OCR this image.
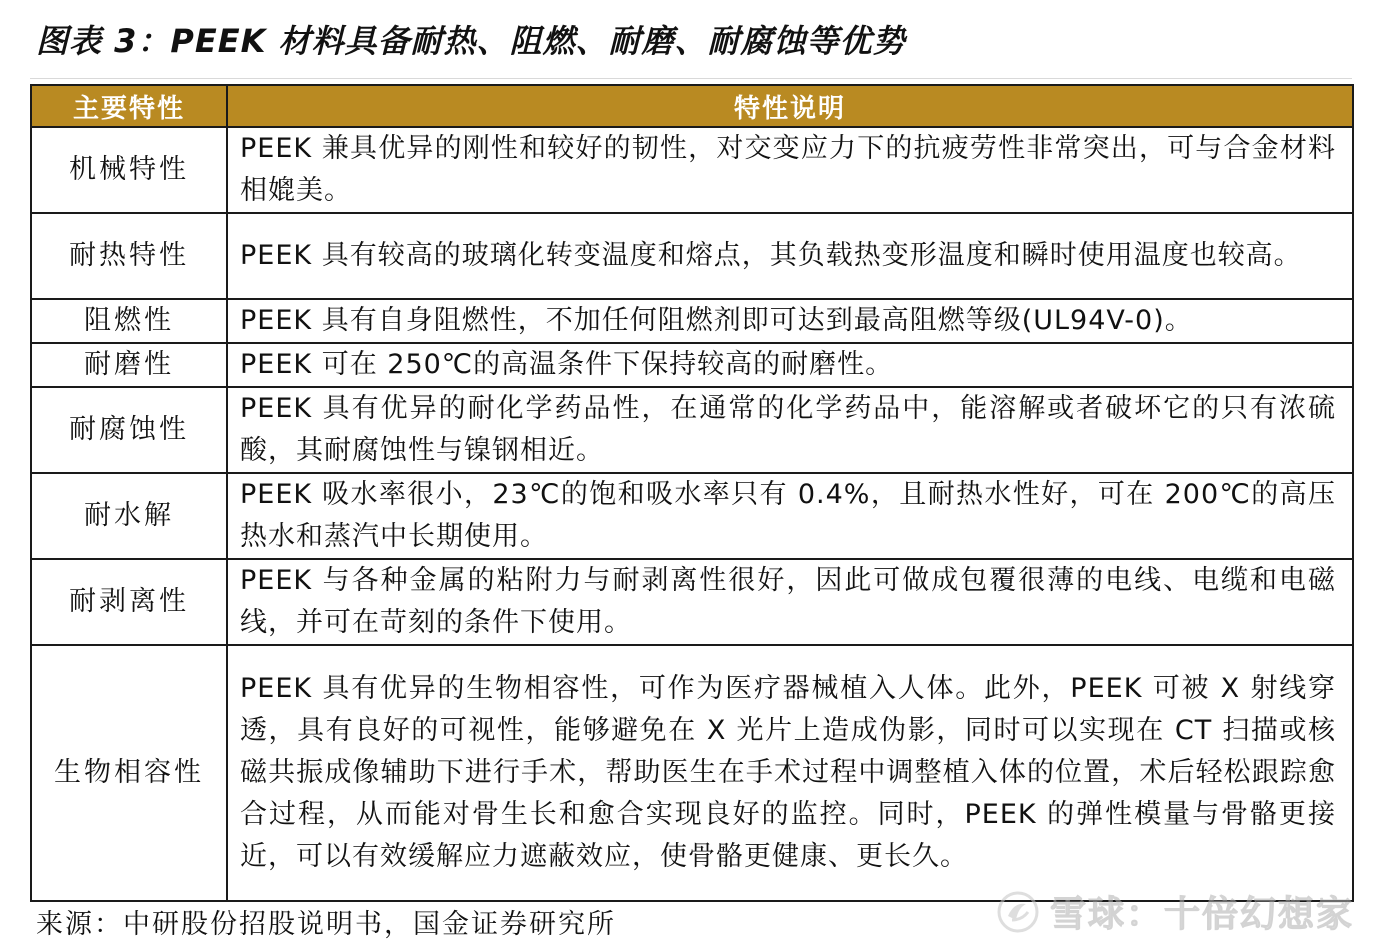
图表 3：PEEK 材料具备耐热、阻燃、耐磨、耐腐蚀等优势
主要特性	特性说明
机械特性	PEEK 兼具优异的刚性和较好的韧性，对交变应力下的抗疲劳性非常突出，可与合金材料相媲美。
耐热特性	PEEK 具有较高的玻璃化转变温度和熔点，其负载热变形温度和瞬时使用温度也较高。
阻燃性	PEEK 具有自身阻燃性，不加任何阻燃剂即可达到最高阻燃等级(UL94V-0)。
耐磨性	PEEK 可在 250℃的高温条件下保持较高的耐磨性。
耐腐蚀性	PEEK 具有优异的耐化学药品性，在通常的化学药品中，能溶解或者破坏它的只有浓硫酸，其耐腐蚀性与镍钢相近。
耐水解	PEEK 吸水率很小，23℃的饱和吸水率只有 0.4%，且耐热水性好，可在 200℃的高压热水和蒸汽中长期使用。
耐剥离性	PEEK 与各种金属的粘附力与耐剥离性很好，因此可做成包覆很薄的电线、电缆和电磁线，并可在苛刻的条件下使用。
生物相容性	PEEK 具有优异的生物相容性，可作为医疗器械植入人体。此外，PEEK 可被 X 射线穿透，具有良好的可视性，能够避免在 X 光片上造成伪影，同时可以实现在 CT 扫描或核磁共振成像辅助下进行手术，帮助医生在手术过程中调整植入体的位置，术后轻松跟踪愈合过程，从而能对骨生长和愈合实现良好的监控。同时，PEEK 的弹性模量与骨骼更接近，可以有效缓解应力遮蔽效应，使骨骼更健康、更长久。
来源：中研股份招股说明书，国金证券研究所	雪球：十倍幻想家
